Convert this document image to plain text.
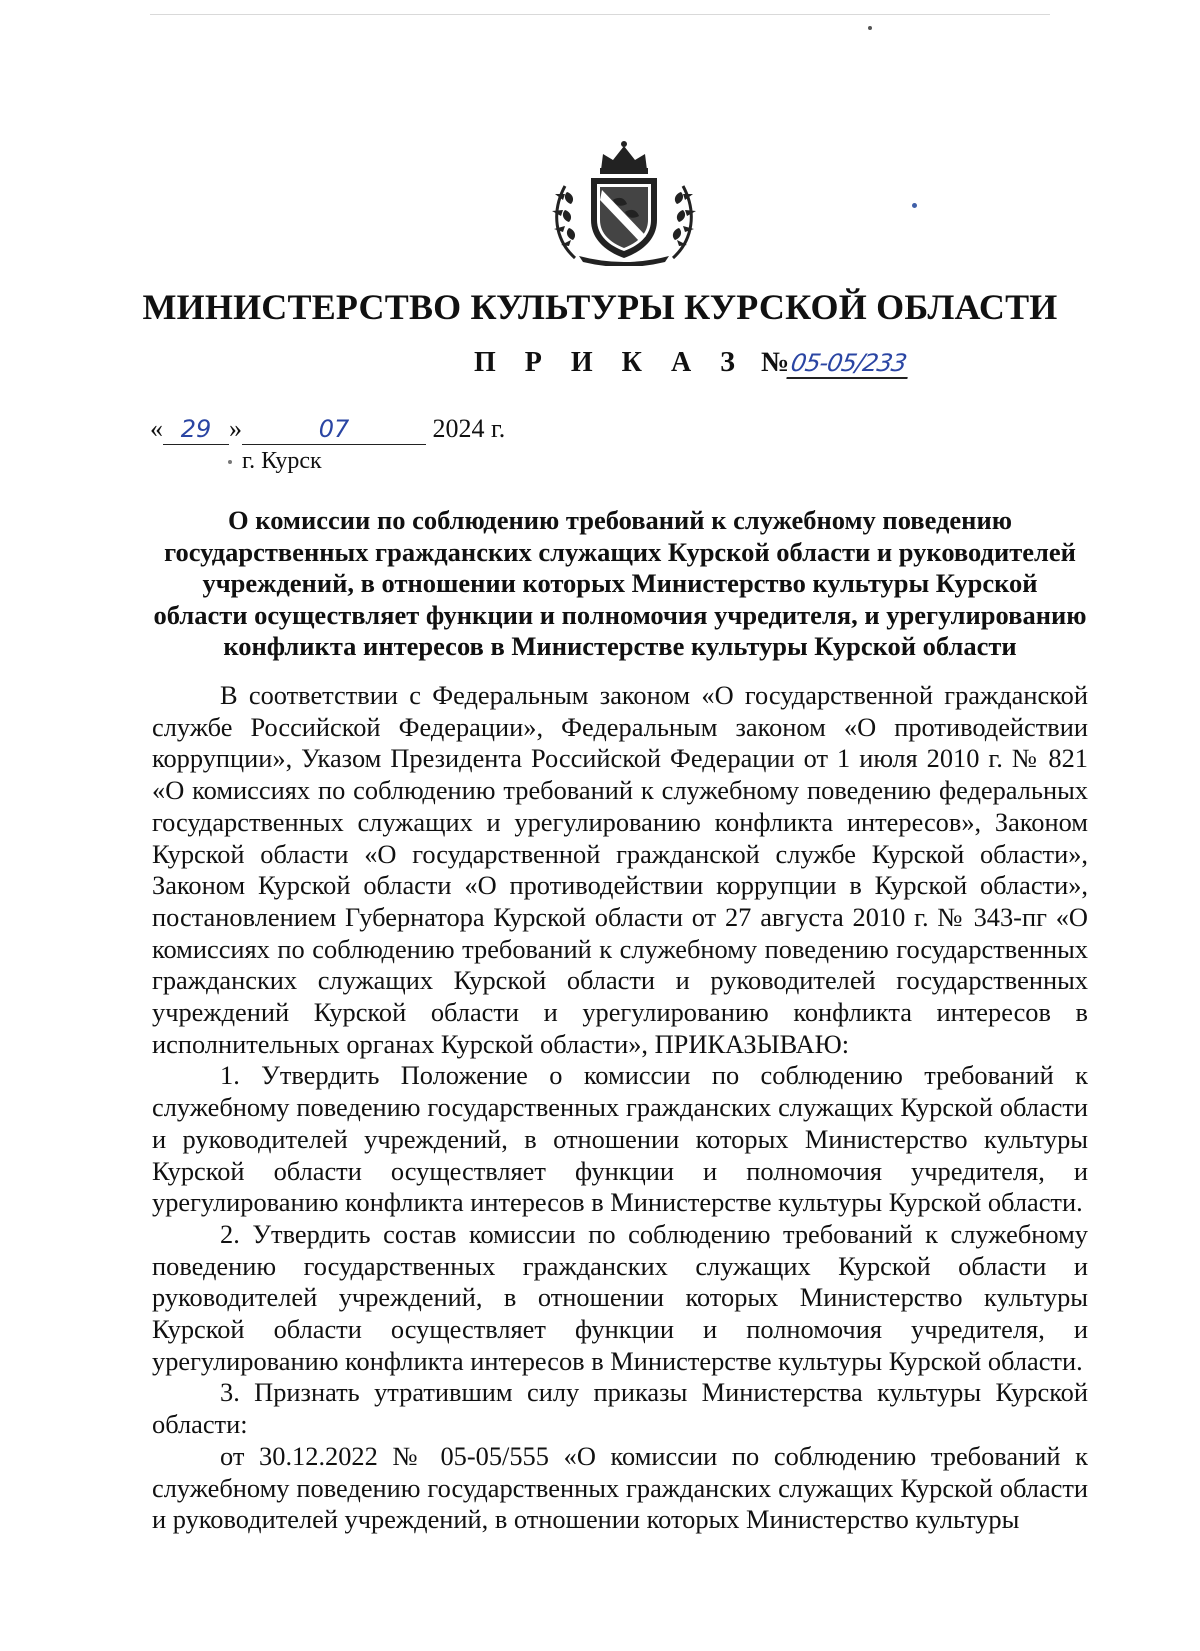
МИНИСТЕРСТВО КУЛЬТУРЫ КУРСКОЙ ОБЛАСТИ
П Р И К А З №05-05/233
« 29 »	07	2024 г.
г. Курск
О комиссии по соблюдению требований к служебному поведению
государственных гражданских служащих Курской области и руководителей
учреждений, в отношении которых Министерство культуры Курской
области осуществляет функции и полномочия учредителя, и урегулированию
конфликта интересов в Министерстве культуры Курской области

В соответствии с Федеральным законом «О государственной гражданской службе Российской Федерации», Федеральным законом «О противодействии коррупции», Указом Президента Российской Федерации от 1 июля 2010 г. № 821 «О комиссиях по соблюдению требований к служебному поведению федеральных государственных служащих и урегулированию конфликта интересов», Законом Курской области «О государственной гражданской службе Курской области», Законом Курской области «О противодействии коррупции в Курской области», постановлением Губернатора Курской области от 27 августа 2010 г. № 343-пг «О комиссиях по соблюдению требований к служебному поведению государственных гражданских служащих Курской области и руководителей государственных учреждений Курской области и урегулированию конфликта интересов в исполнительных органах Курской области», ПРИКАЗЫВАЮ:

1. Утвердить Положение о комиссии по соблюдению требований к служебному поведению государственных гражданских служащих Курской области и руководителей учреждений, в отношении которых Министерство культуры Курской области осуществляет функции и полномочия учредителя, и урегулированию конфликта интересов в Министерстве культуры Курской области.

2. Утвердить состав комиссии по соблюдению требований к служебному поведению государственных гражданских служащих Курской области и руководителей учреждений, в отношении которых Министерство культуры Курской области осуществляет функции и полномочия учредителя, и урегулированию конфликта интересов в Министерстве культуры Курской области.

3. Признать утратившим силу приказы Министерства культуры Курской области:

от 30.12.2022 № 05-05/555 «О комиссии по соблюдению требований к служебному поведению государственных гражданских служащих Курской области и руководителей учреждений, в отношении которых Министерство культуры
